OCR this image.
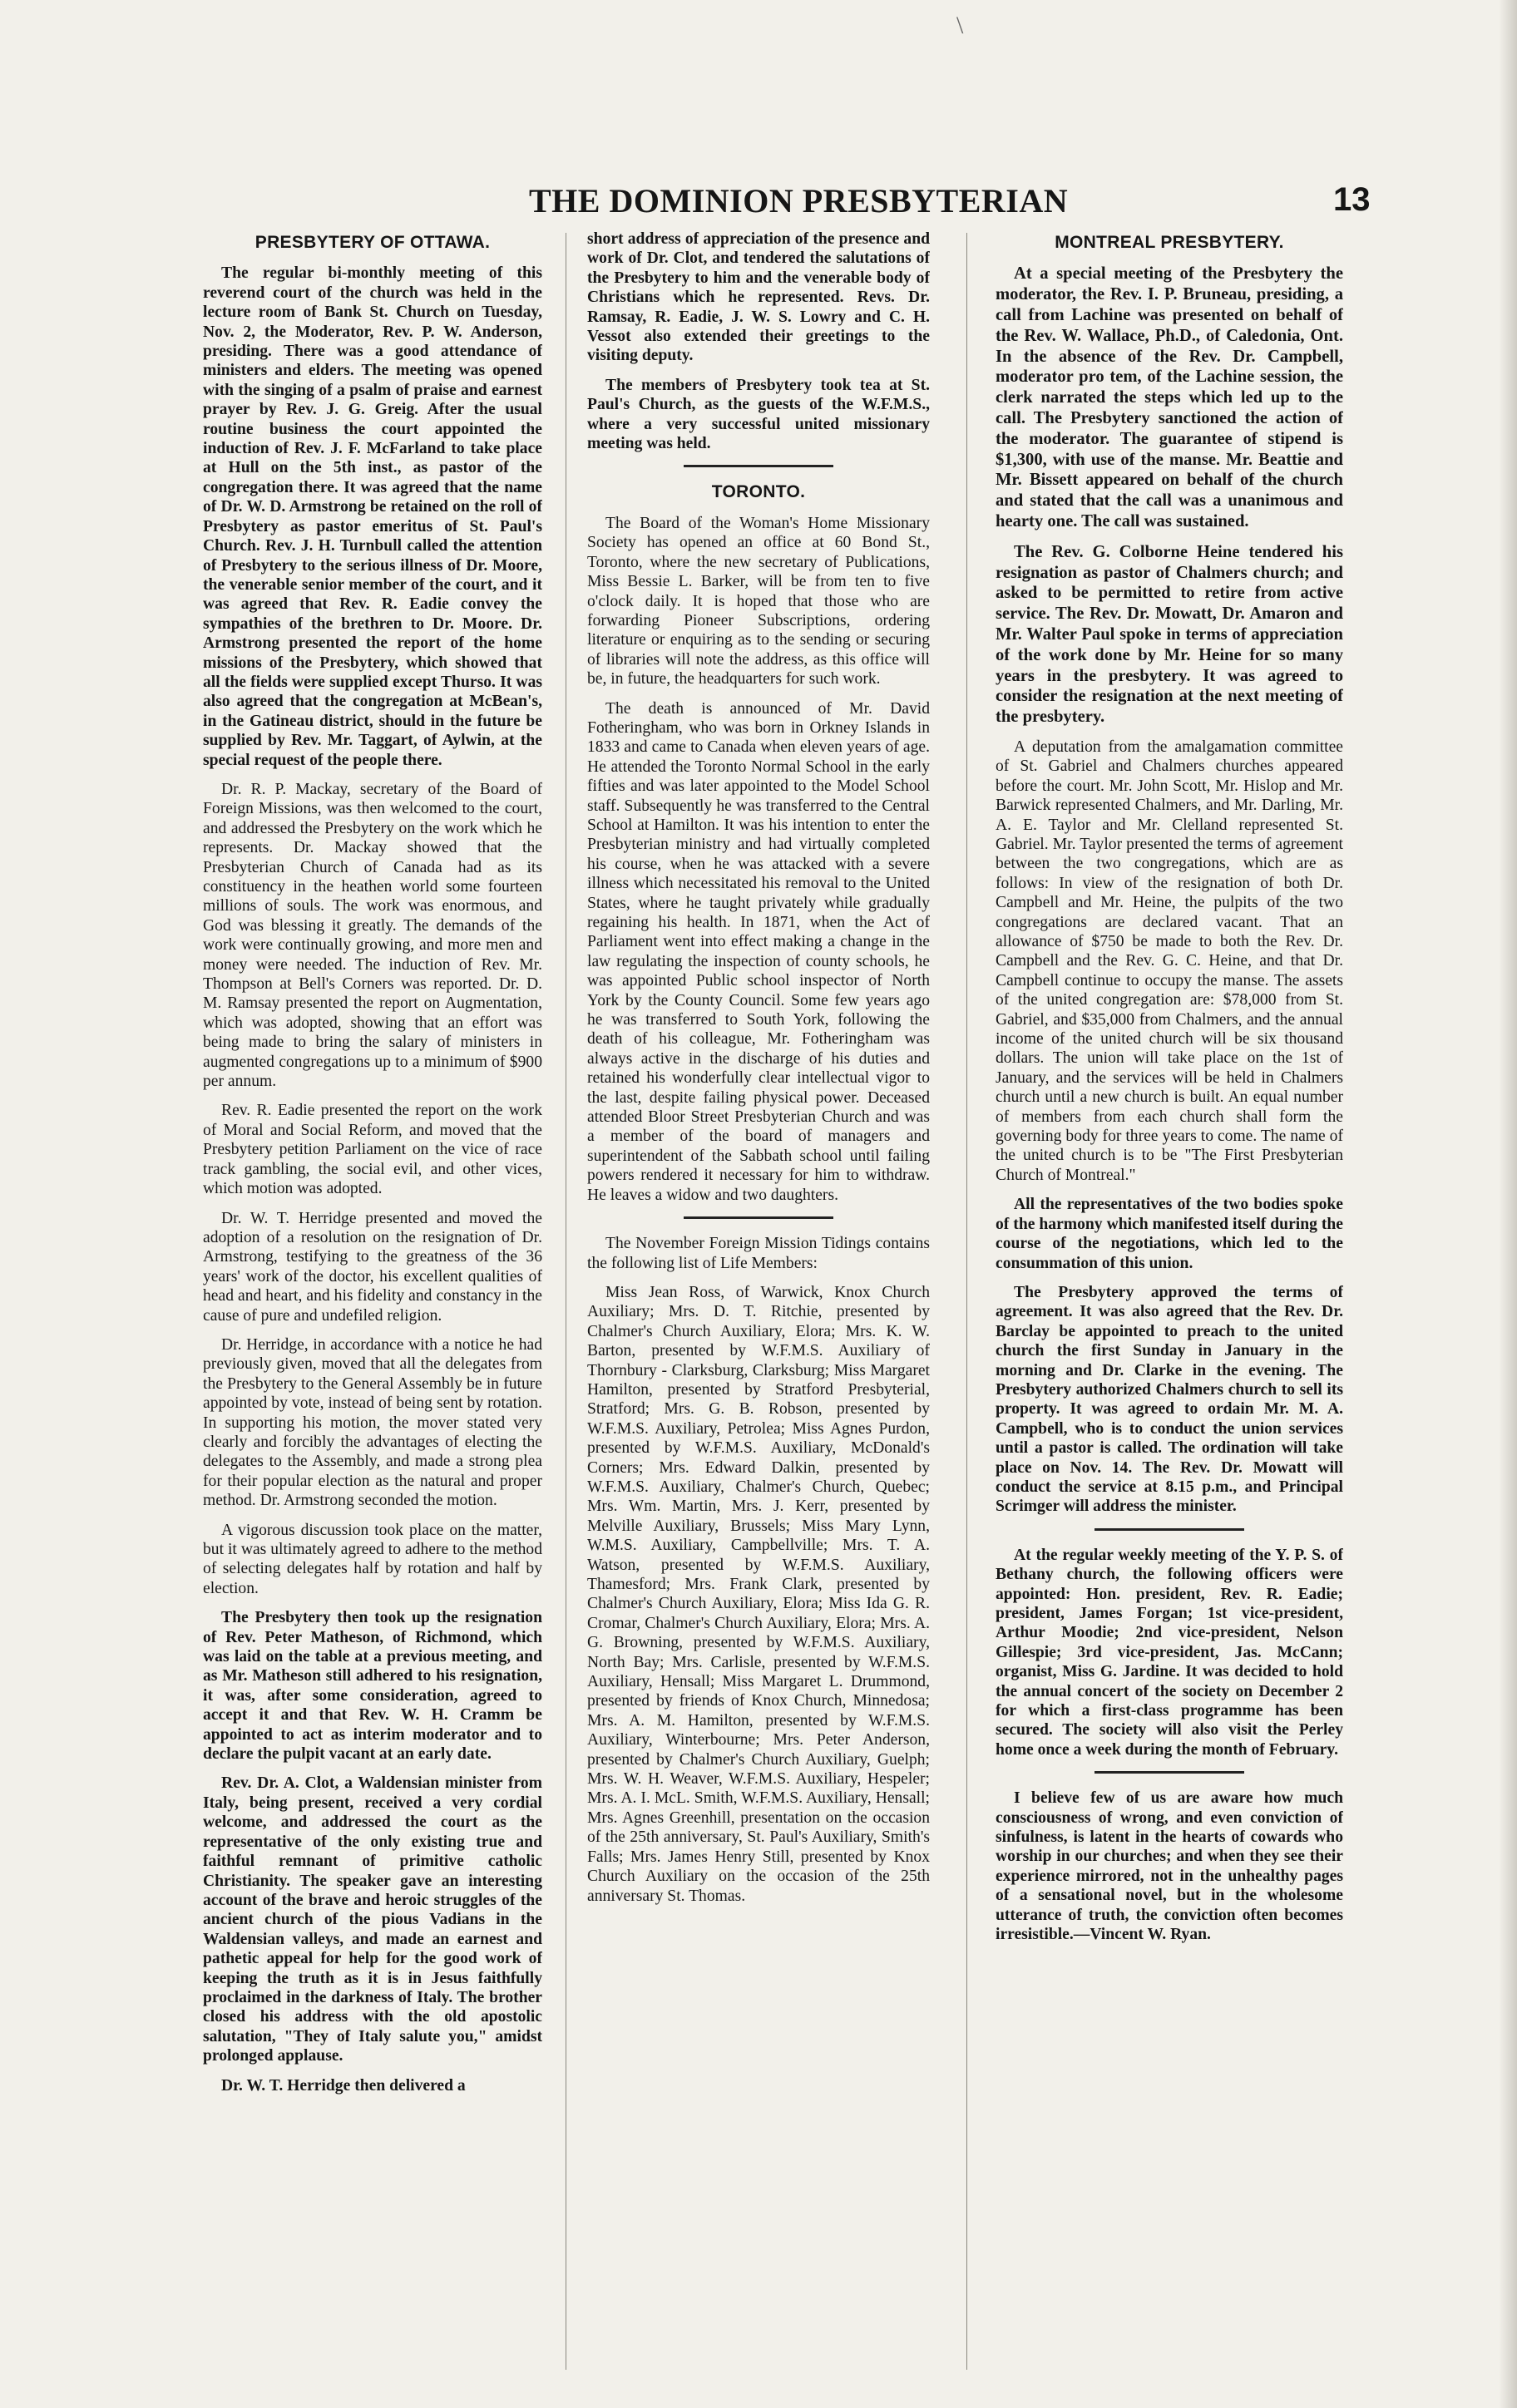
\
THE DOMINION PRESBYTERIAN	13
PRESBYTERY OF OTTAWA.

The regular bi-monthly meeting of this reverend court of the church was held in the lecture room of Bank St. Church on Tuesday, Nov. 2, the Moderator, Rev. P. W. Anderson, presiding. There was a good attendance of ministers and elders. The meeting was opened with the singing of a psalm of praise and earnest prayer by Rev. J. G. Greig. After the usual routine business the court appointed the induction of Rev. J. F. McFarland to take place at Hull on the 5th inst., as pastor of the congregation there. It was agreed that the name of Dr. W. D. Armstrong be retained on the roll of Presbytery as pastor emeritus of St. Paul's Church. Rev. J. H. Turnbull called the attention of Presbytery to the serious illness of Dr. Moore, the venerable senior member of the court, and it was agreed that Rev. R. Eadie convey the sympathies of the brethren to Dr. Moore. Dr. Armstrong presented the report of the home missions of the Presbytery, which showed that all the fields were supplied except Thurso. It was also agreed that the congregation at McBean's, in the Gatineau district, should in the future be supplied by Rev. Mr. Taggart, of Aylwin, at the special request of the people there.

Dr. R. P. Mackay, secretary of the Board of Foreign Missions, was then welcomed to the court, and addressed the Presbytery on the work which he represents. Dr. Mackay showed that the Presbyterian Church of Canada had as its constituency in the heathen world some fourteen millions of souls. The work was enormous, and God was blessing it greatly. The demands of the work were continually growing, and more men and money were needed. The induction of Rev. Mr. Thompson at Bell's Corners was reported. Dr. D. M. Ramsay presented the report on Augmentation, which was adopted, showing that an effort was being made to bring the salary of ministers in augmented congregations up to a minimum of $900 per annum.

Rev. R. Eadie presented the report on the work of Moral and Social Reform, and moved that the Presbytery petition Parliament on the vice of race track gambling, the social evil, and other vices, which motion was adopted.

Dr. W. T. Herridge presented and moved the adoption of a resolution on the resignation of Dr. Armstrong, testifying to the greatness of the 36 years' work of the doctor, his excellent qualities of head and heart, and his fidelity and constancy in the cause of pure and undefiled religion.

Dr. Herridge, in accordance with a notice he had previously given, moved that all the delegates from the Presbytery to the General Assembly be in future appointed by vote, instead of being sent by rotation. In supporting his motion, the mover stated very clearly and forcibly the advantages of electing the delegates to the Assembly, and made a strong plea for their popular election as the natural and proper method. Dr. Armstrong seconded the motion.

A vigorous discussion took place on the matter, but it was ultimately agreed to adhere to the method of selecting delegates half by rotation and half by election.

The Presbytery then took up the resignation of Rev. Peter Matheson, of Richmond, which was laid on the table at a previous meeting, and as Mr. Matheson still adhered to his resignation, it was, after some consideration, agreed to accept it and that Rev. W. H. Cramm be appointed to act as interim moderator and to declare the pulpit vacant at an early date.

Rev. Dr. A. Clot, a Waldensian minister from Italy, being present, received a very cordial welcome, and addressed the court as the representative of the only existing true and faithful remnant of primitive catholic Christianity. The speaker gave an interesting account of the brave and heroic struggles of the ancient church of the pious Vadians in the Waldensian valleys, and made an earnest and pathetic appeal for help for the good work of keeping the truth as it is in Jesus faithfully proclaimed in the darkness of Italy. The brother closed his address with the old apostolic salutation, "They of Italy salute you," amidst prolonged applause.

Dr. W. T. Herridge then delivered a

short address of appreciation of the presence and work of Dr. Clot, and tendered the salutations of the Presbytery to him and the venerable body of Christians which he represented. Revs. Dr. Ramsay, R. Eadie, J. W. S. Lowry and C. H. Vessot also extended their greetings to the visiting deputy.

The members of Presbytery took tea at St. Paul's Church, as the guests of the W.F.M.S., where a very successful united missionary meeting was held.

TORONTO.

The Board of the Woman's Home Missionary Society has opened an office at 60 Bond St., Toronto, where the new secretary of Publications, Miss Bessie L. Barker, will be from ten to five o'clock daily. It is hoped that those who are forwarding Pioneer Subscriptions, ordering literature or enquiring as to the sending or securing of libraries will note the address, as this office will be, in future, the headquarters for such work.

The death is announced of Mr. David Fotheringham, who was born in Orkney Islands in 1833 and came to Canada when eleven years of age. He attended the Toronto Normal School in the early fifties and was later appointed to the Model School staff. Subsequently he was transferred to the Central School at Hamilton. It was his intention to enter the Presbyterian ministry and had virtually completed his course, when he was attacked with a severe illness which necessitated his removal to the United States, where he taught privately while gradually regaining his health. In 1871, when the Act of Parliament went into effect making a change in the law regulating the inspection of county schools, he was appointed Public school inspector of North York by the County Council. Some few years ago he was transferred to South York, following the death of his colleague, Mr. Fotheringham was always active in the discharge of his duties and retained his wonderfully clear intellectual vigor to the last, despite failing physical power. Deceased attended Bloor Street Presbyterian Church and was a member of the board of managers and superintendent of the Sabbath school until failing powers rendered it necessary for him to withdraw. He leaves a widow and two daughters.

The November Foreign Mission Tidings contains the following list of Life Members:

Miss Jean Ross, of Warwick, Knox Church Auxiliary; Mrs. D. T. Ritchie, presented by Chalmer's Church Auxiliary, Elora; Mrs. K. W. Barton, presented by W.F.M.S. Auxiliary of Thornbury - Clarksburg, Clarksburg; Miss Margaret Hamilton, presented by Stratford Presbyterial, Stratford; Mrs. G. B. Robson, presented by W.F.M.S. Auxiliary, Petrolea; Miss Agnes Purdon, presented by W.F.M.S. Auxiliary, McDonald's Corners; Mrs. Edward Dalkin, presented by W.F.M.S. Auxiliary, Chalmer's Church, Quebec; Mrs. Wm. Martin, Mrs. J. Kerr, presented by Melville Auxiliary, Brussels; Miss Mary Lynn, W.M.S. Auxiliary, Campbellville; Mrs. T. A. Watson, presented by W.F.M.S. Auxiliary, Thamesford; Mrs. Frank Clark, presented by Chalmer's Church Auxiliary, Elora; Miss Ida G. R. Cromar, Chalmer's Church Auxiliary, Elora; Mrs. A. G. Browning, presented by W.F.M.S. Auxiliary, North Bay; Mrs. Carlisle, presented by W.F.M.S. Auxiliary, Hensall; Miss Margaret L. Drummond, presented by friends of Knox Church, Minnedosa; Mrs. A. M. Hamilton, presented by W.F.M.S. Auxiliary, Winterbourne; Mrs. Peter Anderson, presented by Chalmer's Church Auxiliary, Guelph; Mrs. W. H. Weaver, W.F.M.S. Auxiliary, Hespeler; Mrs. A. I. McL. Smith, W.F.M.S. Auxiliary, Hensall; Mrs. Agnes Greenhill, presentation on the occasion of the 25th anniversary, St. Paul's Auxiliary, Smith's Falls; Mrs. James Henry Still, presented by Knox Church Auxiliary on the occasion of the 25th anniversary St. Thomas.

MONTREAL PRESBYTERY.

At a special meeting of the Presbytery the moderator, the Rev. I. P. Bruneau, presiding, a call from Lachine was presented on behalf of the Rev. W. Wallace, Ph.D., of Caledonia, Ont. In the absence of the Rev. Dr. Campbell, moderator pro tem, of the Lachine session, the clerk narrated the steps which led up to the call. The Presbytery sanctioned the action of the moderator. The guarantee of stipend is $1,300, with use of the manse. Mr. Beattie and Mr. Bissett appeared on behalf of the church and stated that the call was a unanimous and hearty one. The call was sustained.

The Rev. G. Colborne Heine tendered his resignation as pastor of Chalmers church; and asked to be permitted to retire from active service. The Rev. Dr. Mowatt, Dr. Amaron and Mr. Walter Paul spoke in terms of appreciation of the work done by Mr. Heine for so many years in the presbytery. It was agreed to consider the resignation at the next meeting of the presbytery.

A deputation from the amalgamation committee of St. Gabriel and Chalmers churches appeared before the court. Mr. John Scott, Mr. Hislop and Mr. Barwick represented Chalmers, and Mr. Darling, Mr. A. E. Taylor and Mr. Clelland represented St. Gabriel. Mr. Taylor presented the terms of agreement between the two congregations, which are as follows: In view of the resignation of both Dr. Campbell and Mr. Heine, the pulpits of the two congregations are declared vacant. That an allowance of $750 be made to both the Rev. Dr. Campbell and the Rev. G. C. Heine, and that Dr. Campbell continue to occupy the manse. The assets of the united congregation are: $78,000 from St. Gabriel, and $35,000 from Chalmers, and the annual income of the united church will be six thousand dollars. The union will take place on the 1st of January, and the services will be held in Chalmers church until a new church is built. An equal number of members from each church shall form the governing body for three years to come. The name of the united church is to be "The First Presbyterian Church of Montreal."

All the representatives of the two bodies spoke of the harmony which manifested itself during the course of the negotiations, which led to the consummation of this union.

The Presbytery approved the terms of agreement. It was also agreed that the Rev. Dr. Barclay be appointed to preach to the united church the first Sunday in January in the morning and Dr. Clarke in the evening. The Presbytery authorized Chalmers church to sell its property. It was agreed to ordain Mr. M. A. Campbell, who is to conduct the union services until a pastor is called. The ordination will take place on Nov. 14. The Rev. Dr. Mowatt will conduct the service at 8.15 p.m., and Principal Scrimger will address the minister.

At the regular weekly meeting of the Y. P. S. of Bethany church, the following officers were appointed: Hon. president, Rev. R. Eadie; president, James Forgan; 1st vice-president, Arthur Moodie; 2nd vice-president, Nelson Gillespie; 3rd vice-president, Jas. McCann; organist, Miss G. Jardine. It was decided to hold the annual concert of the society on December 2 for which a first-class programme has been secured. The society will also visit the Perley home once a week during the month of February.

I believe few of us are aware how much consciousness of wrong, and even conviction of sinfulness, is latent in the hearts of cowards who worship in our churches; and when they see their experience mirrored, not in the unhealthy pages of a sensational novel, but in the wholesome utterance of truth, the conviction often becomes irresistible.—Vincent W. Ryan.
